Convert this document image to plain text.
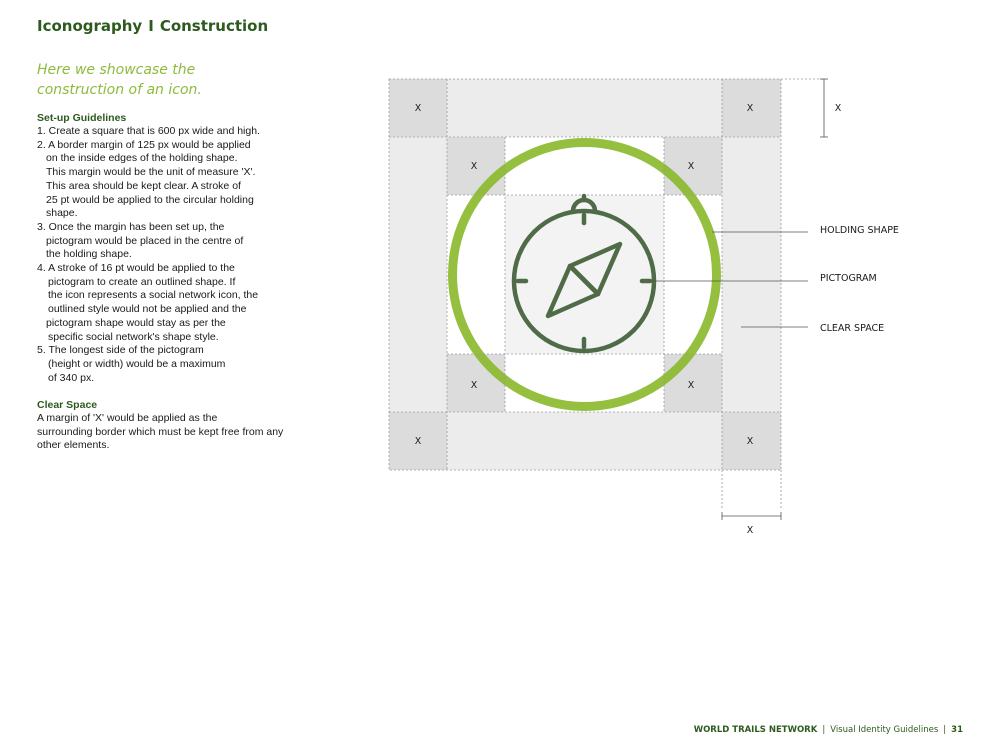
Iconography I Construction
Here we showcase the
construction of an icon.
Set-up Guidelines
1. Create a square that is 600 px wide and high.
2. A border margin of 125 px would be applied
on the inside edges of the holding shape.
This margin would be the unit of measure 'X'.
This area should be kept clear. A stroke of
25 pt would be applied to the circular holding
shape.
3. Once the margin has been set up, the
pictogram would be placed in the centre of
the holding shape.
4. A stroke of 16 pt would be applied to the
pictogram to create an outlined shape. If
the icon represents a social network icon, the
outlined style would not be applied and the
pictogram shape would stay as per the
specific social network's shape style.
5. The longest side of the pictogram
(height or width) would be a maximum
of 340 px.
Clear Space
A margin of 'X' would be applied as the
surrounding border which must be kept free from any
other elements.
X	X
X	X
X	X
X	X
X
X
HOLDING SHAPE
PICTOGRAM
CLEAR SPACE
WORLD TRAILS NETWORK | Visual Identity Guidelines | 31
